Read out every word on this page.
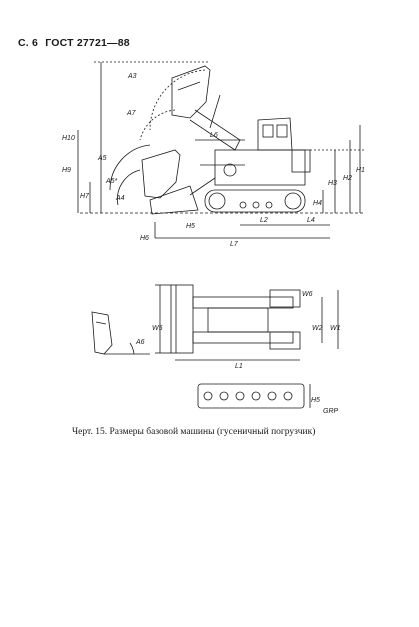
С. 6 ГОСТ 27721—88
A3
A7
L6
H10
H9
A5
A5*
H7	A4
H3
H2
H1
H4
H6
H5
L2	L4
L7
W5
W6
W2 W1
L1
A6
H5
GRP
Черт. 15. Размеры базовой машины (гусеничный погрузчик)
